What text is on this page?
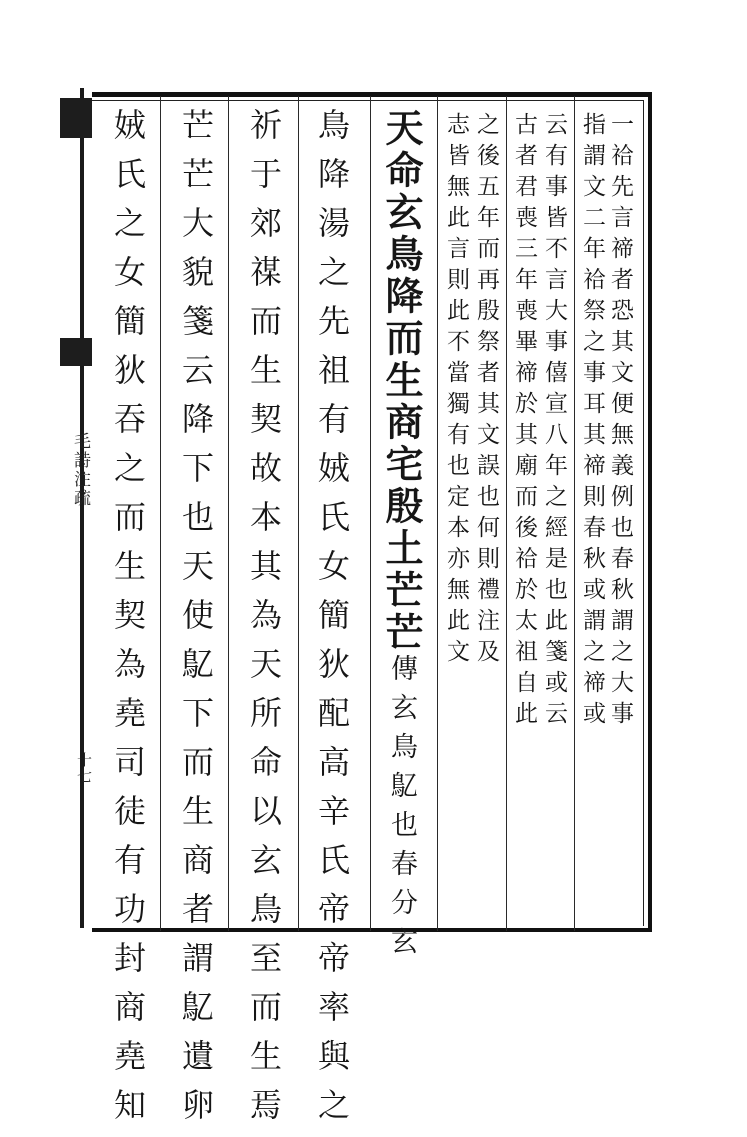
毛詩注疏
十七
一祫先言禘者恐其文便無義例也春秋謂之大事
指謂文二年祫祭之事耳其禘則春秋或謂之禘或
云有事皆不言大事僖宣八年之經是也此箋或云
古者君喪三年喪畢禘於其廟而後祫於太祖自此
之後五年而再殷祭者其文誤也何則禮注及
志皆無此言則此不當獨有也定本亦無此文
天命玄鳥降而生商宅殷土芒芒傳玄鳥鳦也春分玄
鳥降湯之先祖有娀氏女簡狄配高辛氏帝帝率與之
祈于郊禖而生契故本其為天所命以玄鳥至而生焉
芒芒大貌箋云降下也天使鳦下而生商者謂鳦遺卵
娀氏之女簡狄吞之而生契為堯司徒有功封商堯知
